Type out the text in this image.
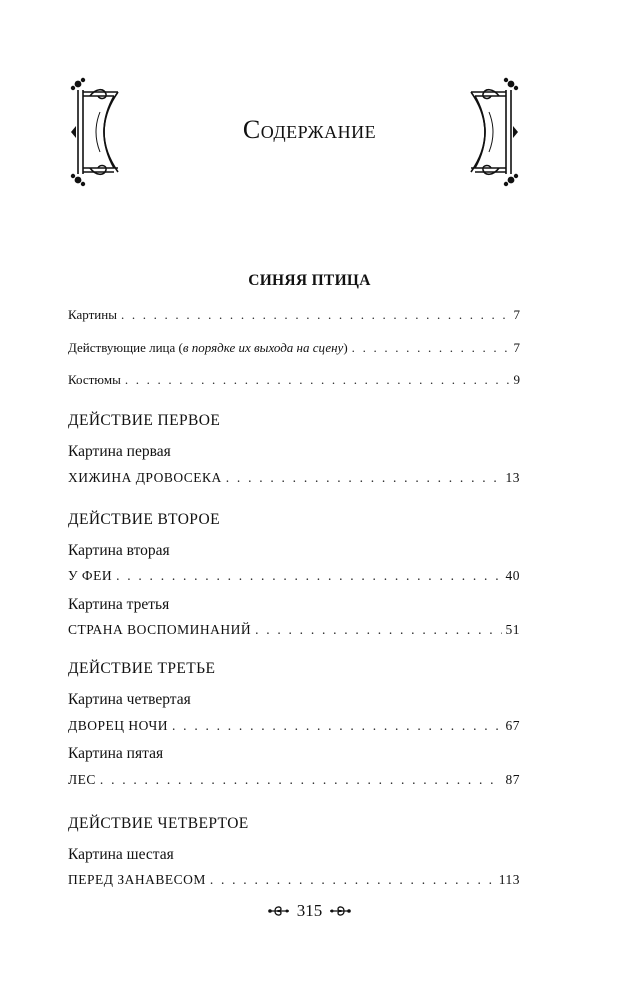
Содержание
СИНЯЯ ПТИЦА
Картины . . .	7
Действующие лица (в порядке их выхода на сцену) . . .	7
Костюмы . . .	9
ДЕЙСТВИЕ ПЕРВОЕ
Картина первая
ХИЖИНА ДРОВОСЕКА . . .	13
ДЕЙСТВИЕ ВТОРОЕ
Картина вторая
У ФЕИ . . .	40
Картина третья
СТРАНА ВОСПОМИНАНИЙ . . .	51
ДЕЙСТВИЕ ТРЕТЬЕ
Картина четвертая
ДВОРЕЦ НОЧИ . . .	67
Картина пятая
ЛЕС . . .	87
ДЕЙСТВИЕ ЧЕТВЕРТОЕ
Картина шестая
ПЕРЕД ЗАНАВЕСОМ . . .	113
315
